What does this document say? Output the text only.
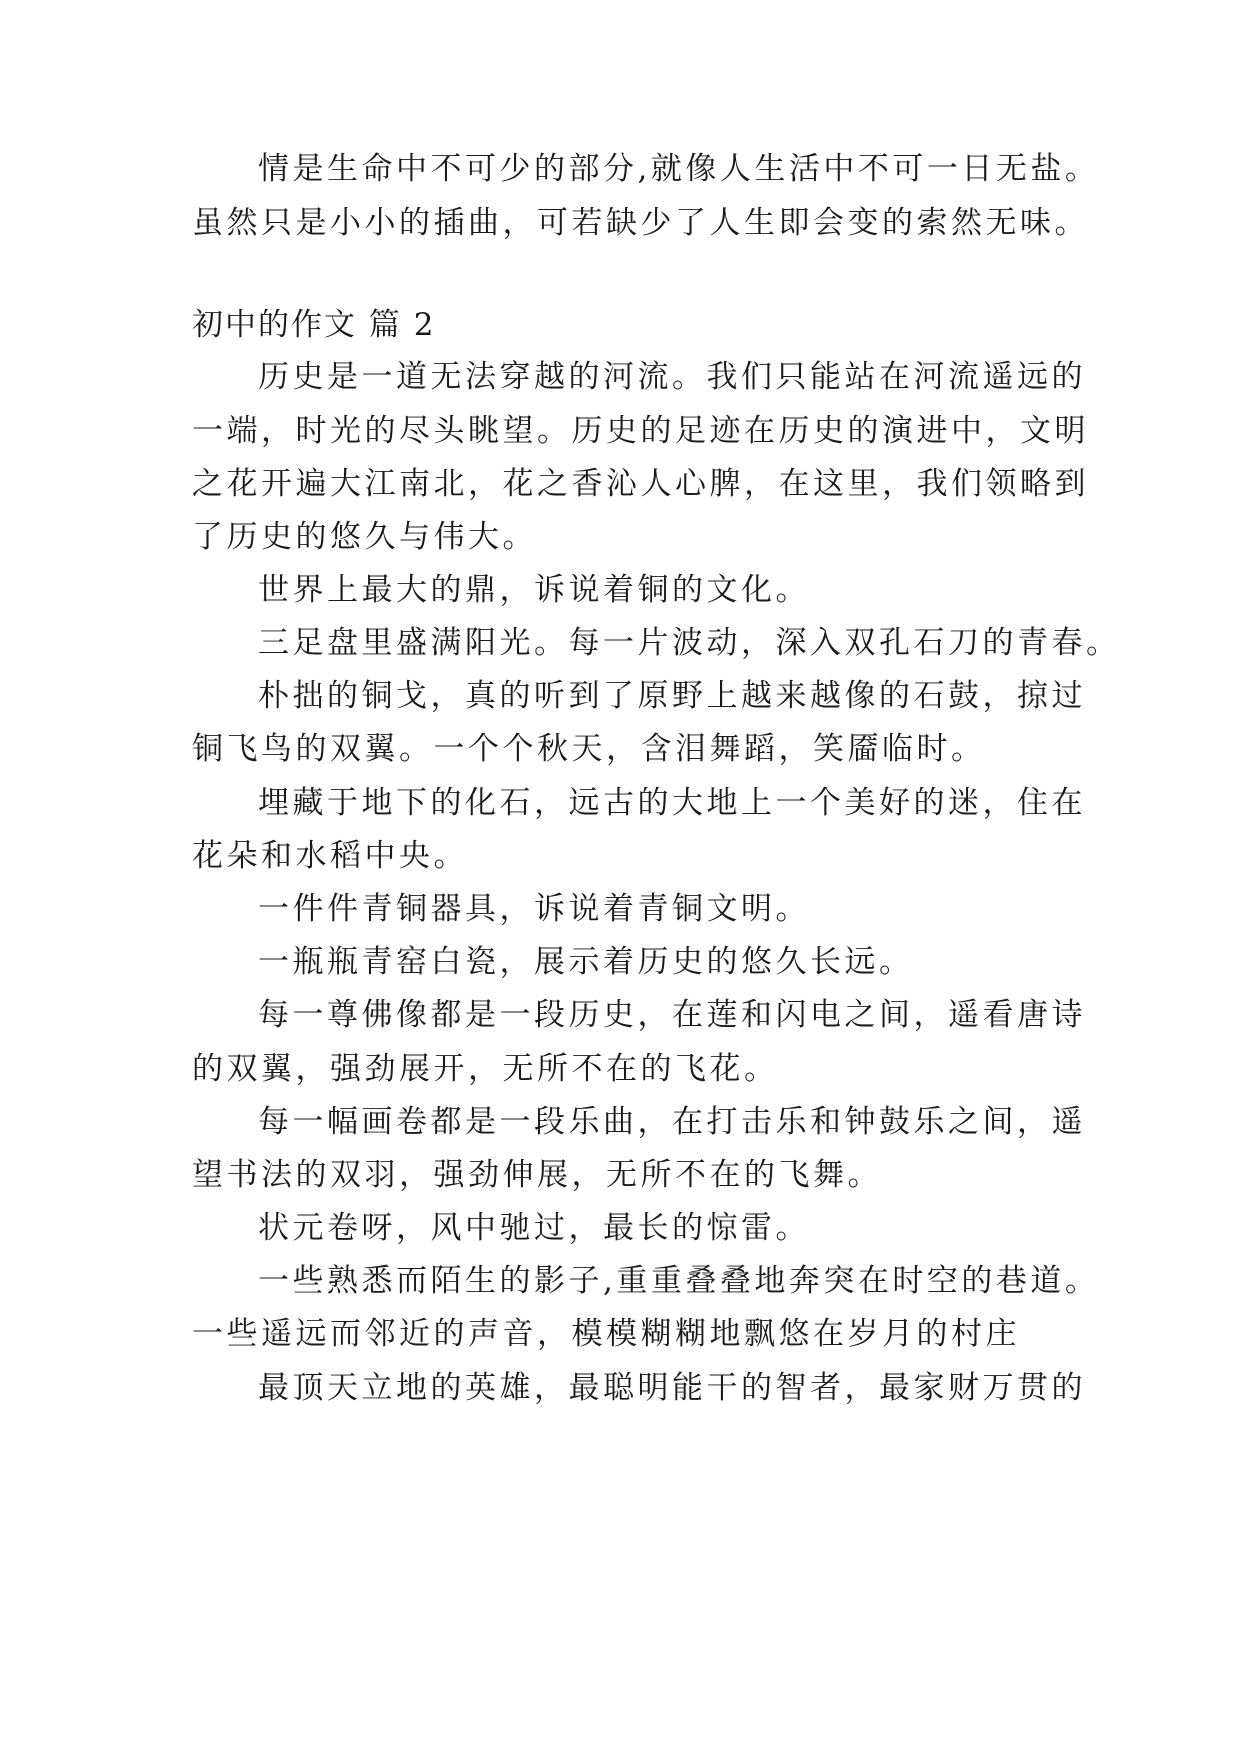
情是生命中不可少的部分,就像人生活中不可一日无盐。
虽然只是小小的插曲，可若缺少了人生即会变的索然无味。
初中的作文 篇 2
历史是一道无法穿越的河流。我们只能站在河流遥远的
一端，时光的尽头眺望。历史的足迹在历史的演进中，文明
之花开遍大江南北，花之香沁人心脾，在这里，我们领略到
了历史的悠久与伟大。
世界上最大的鼎，诉说着铜的文化。
三足盘里盛满阳光。每一片波动，深入双孔石刀的青春。
朴拙的铜戈，真的听到了原野上越来越像的石鼓，掠过
铜飞鸟的双翼。一个个秋天，含泪舞蹈，笑靥临时。
埋藏于地下的化石，远古的大地上一个美好的迷，住在
花朵和水稻中央。
一件件青铜器具，诉说着青铜文明。
一瓶瓶青窑白瓷，展示着历史的悠久长远。
每一尊佛像都是一段历史，在莲和闪电之间，遥看唐诗
的双翼，强劲展开，无所不在的飞花。
每一幅画卷都是一段乐曲，在打击乐和钟鼓乐之间，遥
望书法的双羽，强劲伸展，无所不在的飞舞。
状元卷呀，风中驰过，最长的惊雷。
一些熟悉而陌生的影子,重重叠叠地奔突在时空的巷道。
一些遥远而邻近的声音，模模糊糊地飘悠在岁月的村庄
最顶天立地的英雄，最聪明能干的智者，最家财万贯的
